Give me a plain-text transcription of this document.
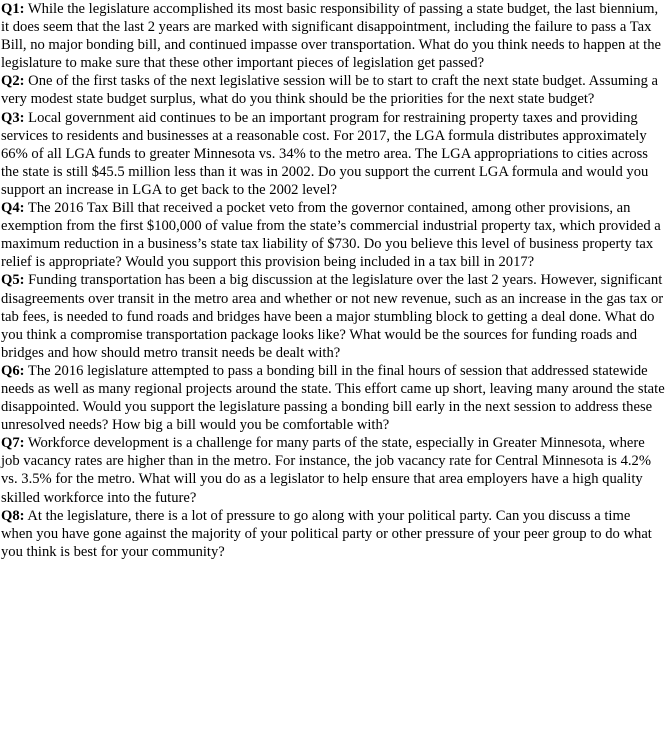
Q1: While the legislature accomplished its most basic responsibility of passing a state budget, the last biennium, it does seem that the last 2 years are marked with significant disappointment, including the failure to pass a Tax Bill, no major bonding bill, and continued impasse over transportation. What do you think needs to happen at the legislature to make sure that these other important pieces of legislation get passed?

Q2: One of the first tasks of the next legislative session will be to start to craft the next state budget. Assuming a very modest state budget surplus, what do you think should be the priorities for the next state budget?

Q3: Local government aid continues to be an important program for restraining property taxes and providing services to residents and businesses at a reasonable cost. For 2017, the LGA formula distributes approximately 66% of all LGA funds to greater Minnesota vs. 34% to the metro area. The LGA appropriations to cities across the state is still $45.5 million less than it was in 2002. Do you support the current LGA formula and would you support an increase in LGA to get back to the 2002 level?

Q4: The 2016 Tax Bill that received a pocket veto from the governor contained, among other provisions, an exemption from the first $100,000 of value from the state’s commercial industrial property tax, which provided a maximum reduction in a business’s state tax liability of $730. Do you believe this level of business property tax relief is appropriate? Would you support this provision being included in a tax bill in 2017?

Q5: Funding transportation has been a big discussion at the legislature over the last 2 years. However, significant disagreements over transit in the metro area and whether or not new revenue, such as an increase in the gas tax or tab fees, is needed to fund roads and bridges have been a major stumbling block to getting a deal done. What do you think a compromise transportation package looks like? What would be the sources for funding roads and bridges and how should metro transit needs be dealt with?

Q6: The 2016 legislature attempted to pass a bonding bill in the final hours of session that addressed statewide needs as well as many regional projects around the state. This effort came up short, leaving many around the state disappointed. Would you support the legislature passing a bonding bill early in the next session to address these unresolved needs? How big a bill would you be comfortable with?

Q7: Workforce development is a challenge for many parts of the state, especially in Greater Minnesota, where job vacancy rates are higher than in the metro. For instance, the job vacancy rate for Central Minnesota is 4.2% vs. 3.5% for the metro. What will you do as a legislator to help ensure that area employers have a high quality skilled workforce into the future?

Q8: At the legislature, there is a lot of pressure to go along with your political party. Can you discuss a time when you have gone against the majority of your political party or other pressure of your peer group to do what you think is best for your community?
